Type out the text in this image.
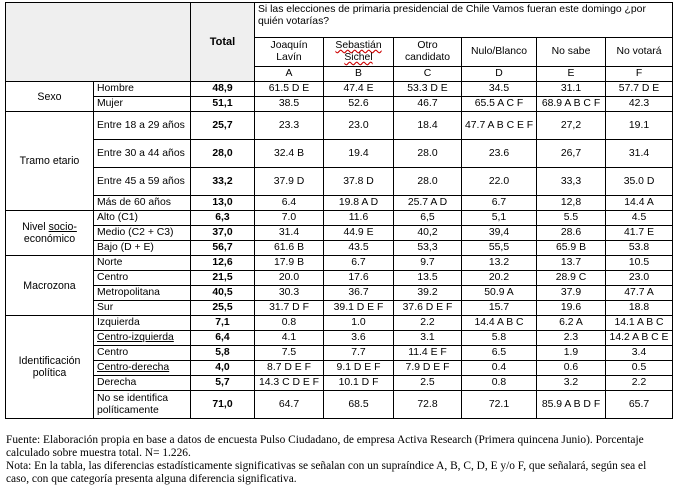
		Total	Si las elecciones de primaria presidencial de Chile Vamos fueran este domingo ¿por quién votarías?					
			Joaquín Lavín	Sebastián Sichel	Otro candidato	Nulo/Blanco	No sabe	No votará
			A	B	C	D	E	F
Sexo	Hombre	48,9	61.5 D E	47.4 E	53.3 D E	34.5	31.1	57.7 D E
	Mujer	51,1	38.5	52.6	46.7	65.5 A C F	68.9 A B C F	42.3
Tramo etario	Entre 18 a 29 años	25,7	23.3	23.0	18.4	47.7 A B C E F	27,2	19.1
	Entre 30 a 44 años	28,0	32.4 B	19.4	28.0	23.6	26,7	31.4
	Entre 45 a 59 años	33,2	37.9 D	37.8 D	28.0	22.0	33,3	35.0 D
	Más de 60 años	13,0	6.4	19.8 A D	25.7 A D	6.7	12,8	14.4 A
Nivel socio-económico	Alto (C1)	6,3	7.0	11.6	6,5	5,1	5.5	4.5
	Medio (C2 + C3)	37,0	31.4	44.9 E	40,2	39,4	28.6	41.7 E
	Bajo (D + E)	56,7	61.6 B	43.5	53,3	55,5	65.9 B	53.8
Macrozona	Norte	12,6	17.9 B	6.7	9.7	13.2	13.7	10.5
	Centro	21,5	20.0	17.6	13.5	20.2	28.9 C	23.0
	Metropolitana	40,5	30.3	36.7	39.2	50.9 A	37.9	47.7 A
	Sur	25,5	31.7 D F	39.1 D E F	37.6 D E F	15.7	19.6	18.8
Identificación política	Izquierda	7,1	0.8	1.0	2.2	14.4 A B C	6.2 A	14.1 A B C
	Centro-izquierda	6,4	4.1	3.6	3.1	5.8	2.3	14.2 A B C E
	Centro	5,8	7.5	7.7	11.4 E F	6.5	1.9	3.4
	Centro-derecha	4,0	8.7 D E F	9.1 D E F	7.9 D E F	0.4	0.6	0.5
	Derecha	5,7	14.3 C D E F	10.1 D F	2.5	0.8	3.2	2.2
	No se identifica políticamente	71,0	64.7	68.5	72.8	72.1	85.9 A B D F	65.7

Fuente: Elaboración propia en base a datos de encuesta Pulso Ciudadano, de empresa Activa Research (Primera quincena Junio). Porcentaje calculado sobre muestra total. N= 1.226.

Nota: En la tabla, las diferencias estadísticamente significativas se señalan con un supraíndice A, B, C, D, E y/o F, que señalará, según sea el caso, con que categoría presenta alguna diferencia significativa.
